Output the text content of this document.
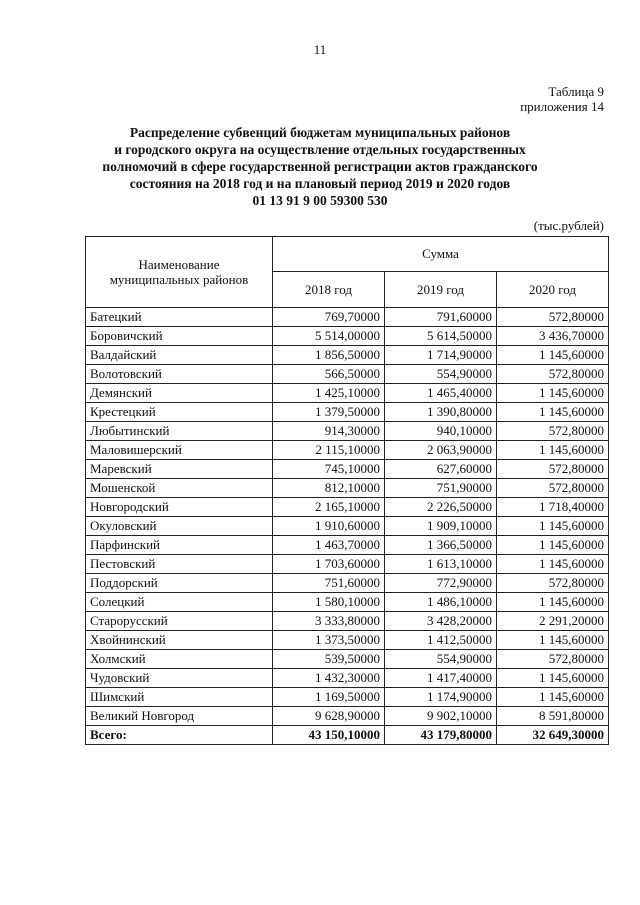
11
Таблица 9
приложения 14
Распределение субвенций бюджетам муниципальных районов
и городского округа на осуществление отдельных государственных
полномочий в сфере государственной регистрации актов гражданского
состояния на 2018 год и на плановый период 2019 и 2020 годов
01 13 91 9 00 59300 530
(тыс.рублей)
Наименование
муниципальных районов	Сумма		
	2018 год	2019 год	2020 год
Батецкий	769,70000	791,60000	572,80000
Боровичский	5 514,00000	5 614,50000	3 436,70000
Валдайский	1 856,50000	1 714,90000	1 145,60000
Волотовский	566,50000	554,90000	572,80000
Демянский	1 425,10000	1 465,40000	1 145,60000
Крестецкий	1 379,50000	1 390,80000	1 145,60000
Любытинский	914,30000	940,10000	572,80000
Маловишерский	2 115,10000	2 063,90000	1 145,60000
Маревский	745,10000	627,60000	572,80000
Мошенской	812,10000	751,90000	572,80000
Новгородский	2 165,10000	2 226,50000	1 718,40000
Окуловский	1 910,60000	1 909,10000	1 145,60000
Парфинский	1 463,70000	1 366,50000	1 145,60000
Пестовский	1 703,60000	1 613,10000	1 145,60000
Поддорский	751,60000	772,90000	572,80000
Солецкий	1 580,10000	1 486,10000	1 145,60000
Старорусский	3 333,80000	3 428,20000	2 291,20000
Хвойнинский	1 373,50000	1 412,50000	1 145,60000
Холмский	539,50000	554,90000	572,80000
Чудовский	1 432,30000	1 417,40000	1 145,60000
Шимский	1 169,50000	1 174,90000	1 145,60000
Великий Новгород	9 628,90000	9 902,10000	8 591,80000
Всего:	43 150,10000	43 179,80000	32 649,30000
